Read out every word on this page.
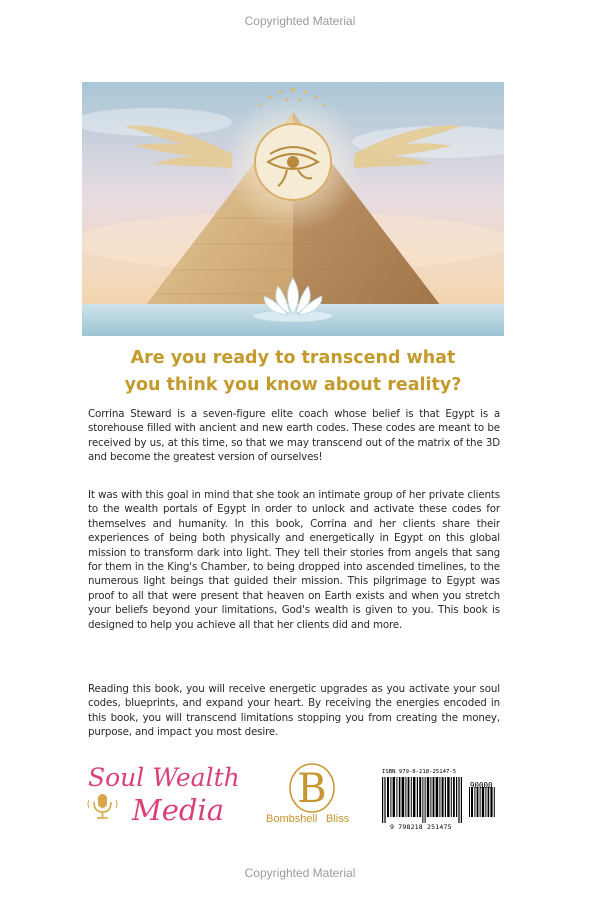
Copyrighted Material
Are you ready to transcend what
you think you know about reality?
Corrina Steward is a seven-figure elite coach whose belief is that Egypt is a storehouse filled with ancient and new earth codes. These codes are meant to be received by us, at this time, so that we may transcend out of the matrix of the 3D and become the greatest version of ourselves!
It was with this goal in mind that she took an intimate group of her private clients to the wealth portals of Egypt in order to unlock and activate these codes for themselves and humanity. In this book, Corrina and her clients share their experiences of being both physically and energetically in Egypt on this global mission to transform dark into light. They tell their stories from angels that sang for them in the King's Chamber, to being dropped into ascended timelines, to the numerous light beings that guided their mission. This pilgrimage to Egypt was proof to all that were present that heaven on Earth exists and when you stretch your beliefs beyond your limitations, God's wealth is given to you. This book is designed to help you achieve all that her clients did and more.
Reading this book, you will receive energetic upgrades as you activate your soul codes, blueprints, and expand your heart. By receiving the energies encoded in this book, you will transcend limitations stopping you from creating the money, purpose, and impact you most desire.
Soul Wealth
Media B
Bombshell Bliss
ISBN 979-8-218-25147-5
90000
9 798218 251475
Copyrighted Material
